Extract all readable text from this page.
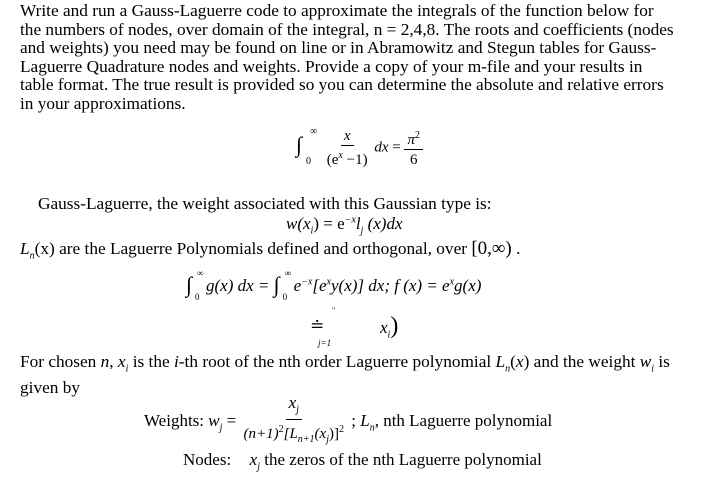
Write and run a Gauss-Laguerre code to approximate the integrals of the function below for
the numbers of nodes, over domain of the integral, n = 2,4,8. The roots and coefficients (nodes
and weights) you need may be found on line or in Abramowitz and Stegun tables for Gauss-
Laguerre Quadrature nodes and weights. Provide a copy of your m-file and your results in
table format. The true result is provided so you can determine the absolute and relative errors
in your approximations.
∫
∞
0
$\frac{x}{(e^x -1)}$ dx = $\frac{\pi^2}{6}$
Gauss-Laguerre, the weight associated with this Gaussian type is:
$w(x_i) = e^{-x}l_j$ (x)dx
$L_n(x)$ are the Laguerre Polynomials defined and orthogonal, over [0,∞) .
∫ ∞
0
g(x) dx = ∫ ∞
0
$e^{-x}[e^xy(x)]$ dx; f $(x) = e^xg(x)$
≐
"
$x_i$)
j=1
For chosen n, $x_i$ is the i-th root of the nth order Laguerre polynomial $L_n(x)$ and the weight $w_i$ is
given by
Weights: $w_j = \frac{x_j}{(n+1)^2[L_{n+1}(x_j)]^2}$ ; $L_n$, nth Laguerre polynomial
Nodes: $x_j$ the zeros of the nth Laguerre polynomial
